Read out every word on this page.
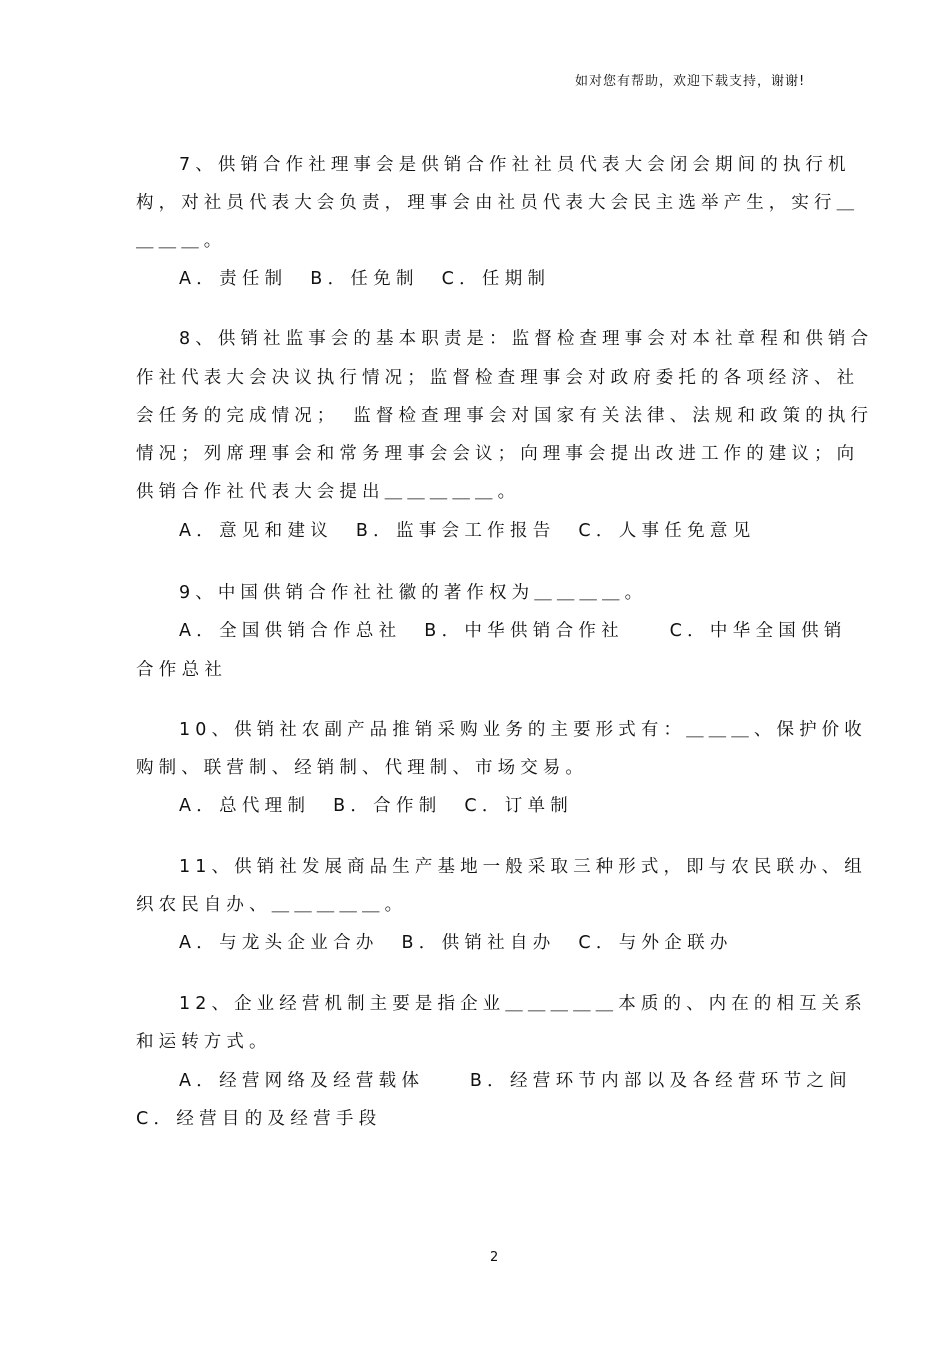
如对您有帮助，欢迎下载支持，谢谢!
7、供销合作社理事会是供销合作社社员代表大会闭会期间的执行机
构，对社员代表大会负责，理事会由社员代表大会民主选举产生，实行＿
＿＿＿。
A．责任制　B．任免制　C．任期制
8、供销社监事会的基本职责是：监督检查理事会对本社章程和供销合
作社代表大会决议执行情况；监督检查理事会对政府委托的各项经济、社
会任务的完成情况；　监督检查理事会对国家有关法律、法规和政策的执行
情况；列席理事会和常务理事会会议；向理事会提出改进工作的建议；向
供销合作社代表大会提出＿＿＿＿＿。
A．意见和建议　B．监事会工作报告　C．人事任免意见
9、中国供销合作社社徽的著作权为＿＿＿＿。
A．全国供销合作总社　B．中华供销合作社　　C．中华全国供销
合作总社
10、供销社农副产品推销采购业务的主要形式有：＿＿＿、保护价收
购制、联营制、经销制、代理制、市场交易。
A．总代理制　B．合作制　C．订单制
11、供销社发展商品生产基地一般采取三种形式，即与农民联办、组
织农民自办、＿＿＿＿＿。
A．与龙头企业合办　B．供销社自办　C．与外企联办
12、企业经营机制主要是指企业＿＿＿＿＿本质的、内在的相互关系
和运转方式。
A．经营网络及经营载体　　B．经营环节内部以及各经营环节之间
C．经营目的及经营手段
2
